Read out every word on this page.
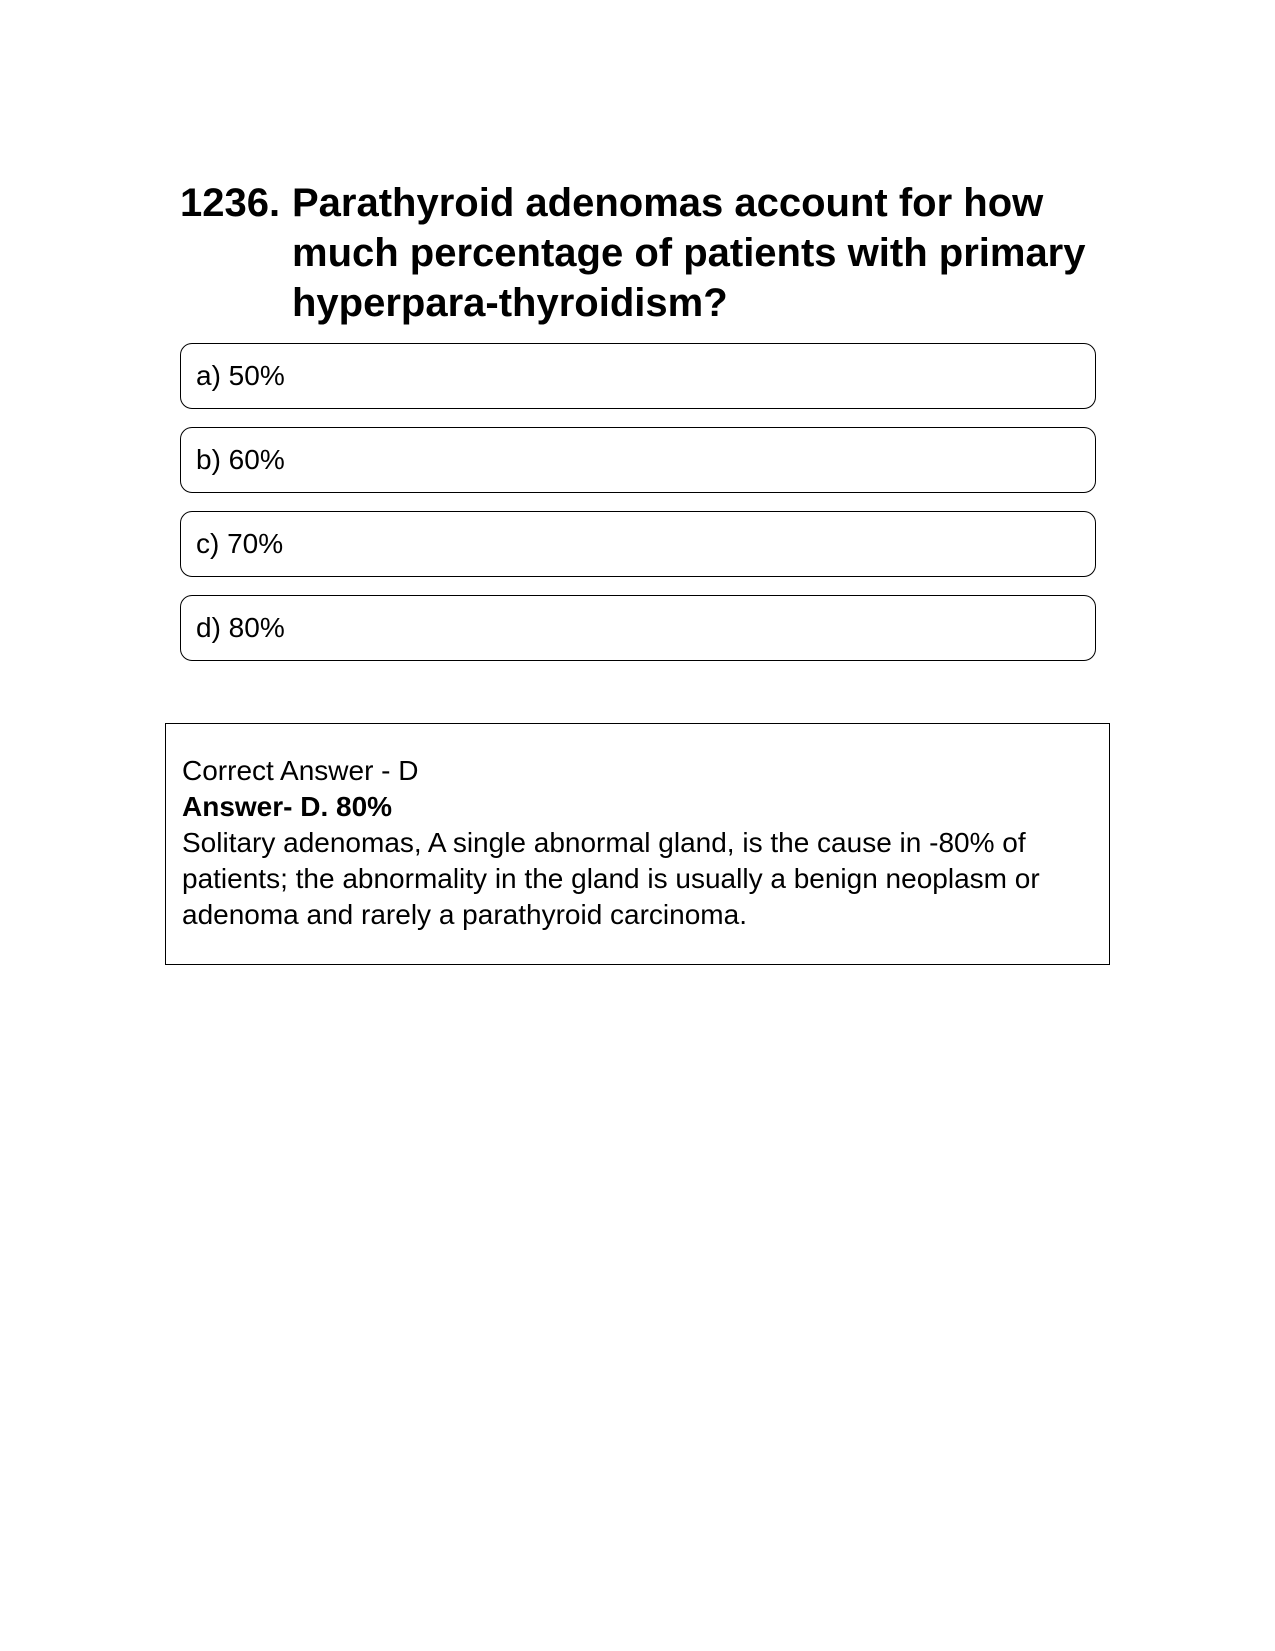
1236. Parathyroid adenomas account for how much percentage of patients with primary hyperpara-thyroidism?
a) 50%
b) 60%
c) 70%
d) 80%
Correct Answer - D
Answer- D. 80%
Solitary adenomas, A single abnormal gland, is the cause in -80% of patients; the abnormality in the gland is usually a benign neoplasm or adenoma and rarely a parathyroid carcinoma.
